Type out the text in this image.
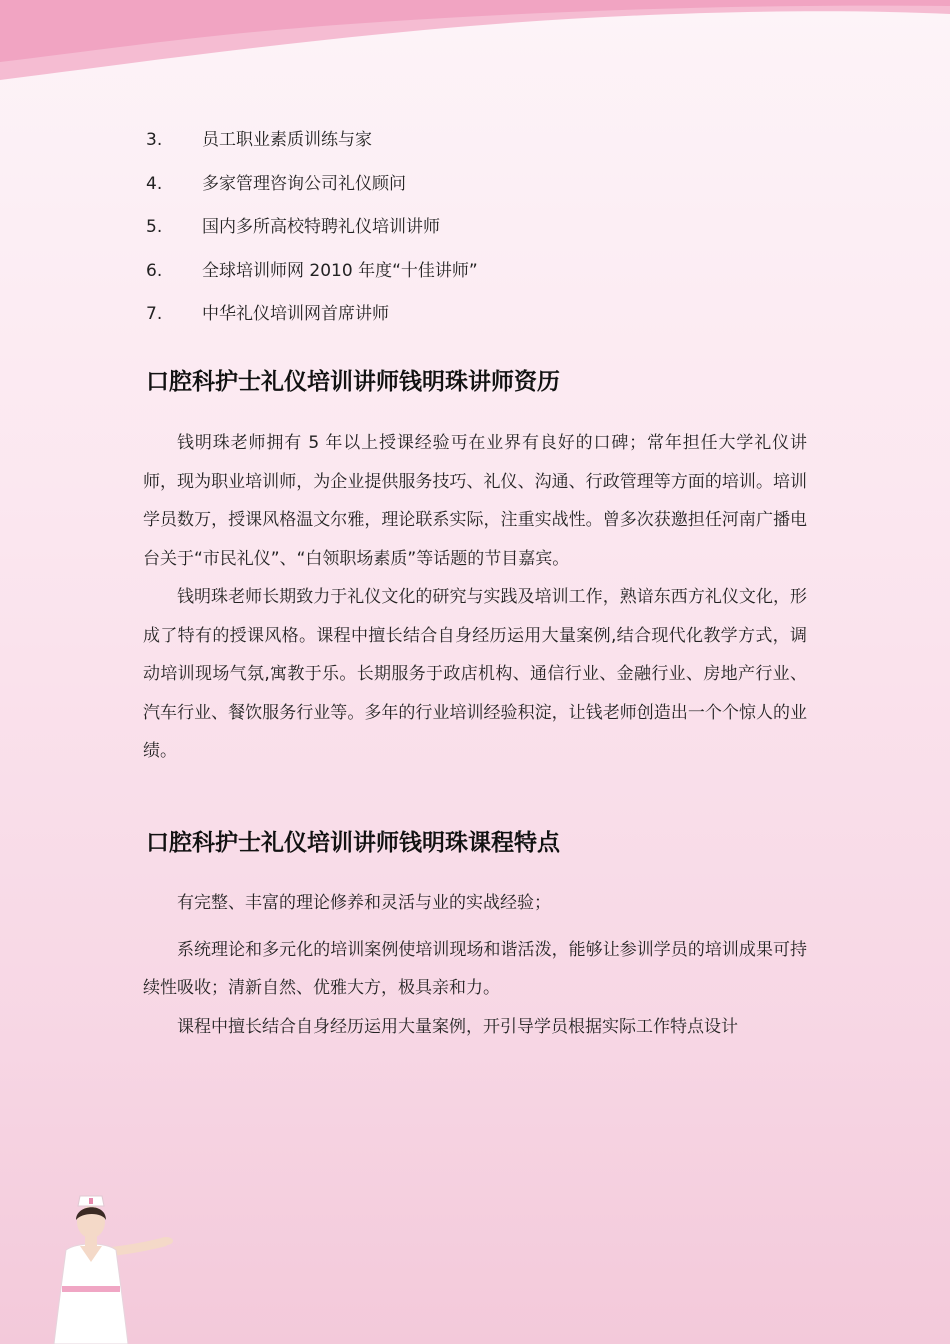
3.	员工职业素质训练与家
4.	多家管理咨询公司礼仪顾问
5.	国内多所高校特聘礼仪培训讲师
6.	全球培训师网 2010 年度“十佳讲师”
7.	中华礼仪培训网首席讲师
口腔科护士礼仪培训讲师钱明珠讲师资历

钱明珠老师拥有 5 年以上授课经验丏在业界有良好的口碑；常年担任大学礼仪讲师，现为职业培训师，为企业提供服务技巧、礼仪、沟通、行政管理等方面的培训。培训学员数万，授课风格温文尔雅，理论联系实际，注重实战性。曾多次获邀担任河南广播电台关于“市民礼仪”、“白领职场素质”等话题的节目嘉宾。

钱明珠老师长期致力于礼仪文化的研究与实践及培训工作，熟谙东西方礼仪文化，形成了特有的授课风格。课程中擅长结合自身经历运用大量案例,结合现代化教学方式，调动培训现场气氛,寓教于乐。长期服务于政店机构、通信行业、金融行业、房地产行业、汽车行业、餐饮服务行业等。多年的行业培训经验积淀，让钱老师创造出一个个惊人的业绩。

口腔科护士礼仪培训讲师钱明珠课程特点

有完整、丰富的理论修养和灵活与业的实战经验；

系统理论和多元化的培训案例使培训现场和谐活泼，能够让参训学员的培训成果可持续性吸收；清新自然、优雅大方，极具亲和力。

课程中擅长结合自身经历运用大量案例，开引导学员根据实际工作特点设计
